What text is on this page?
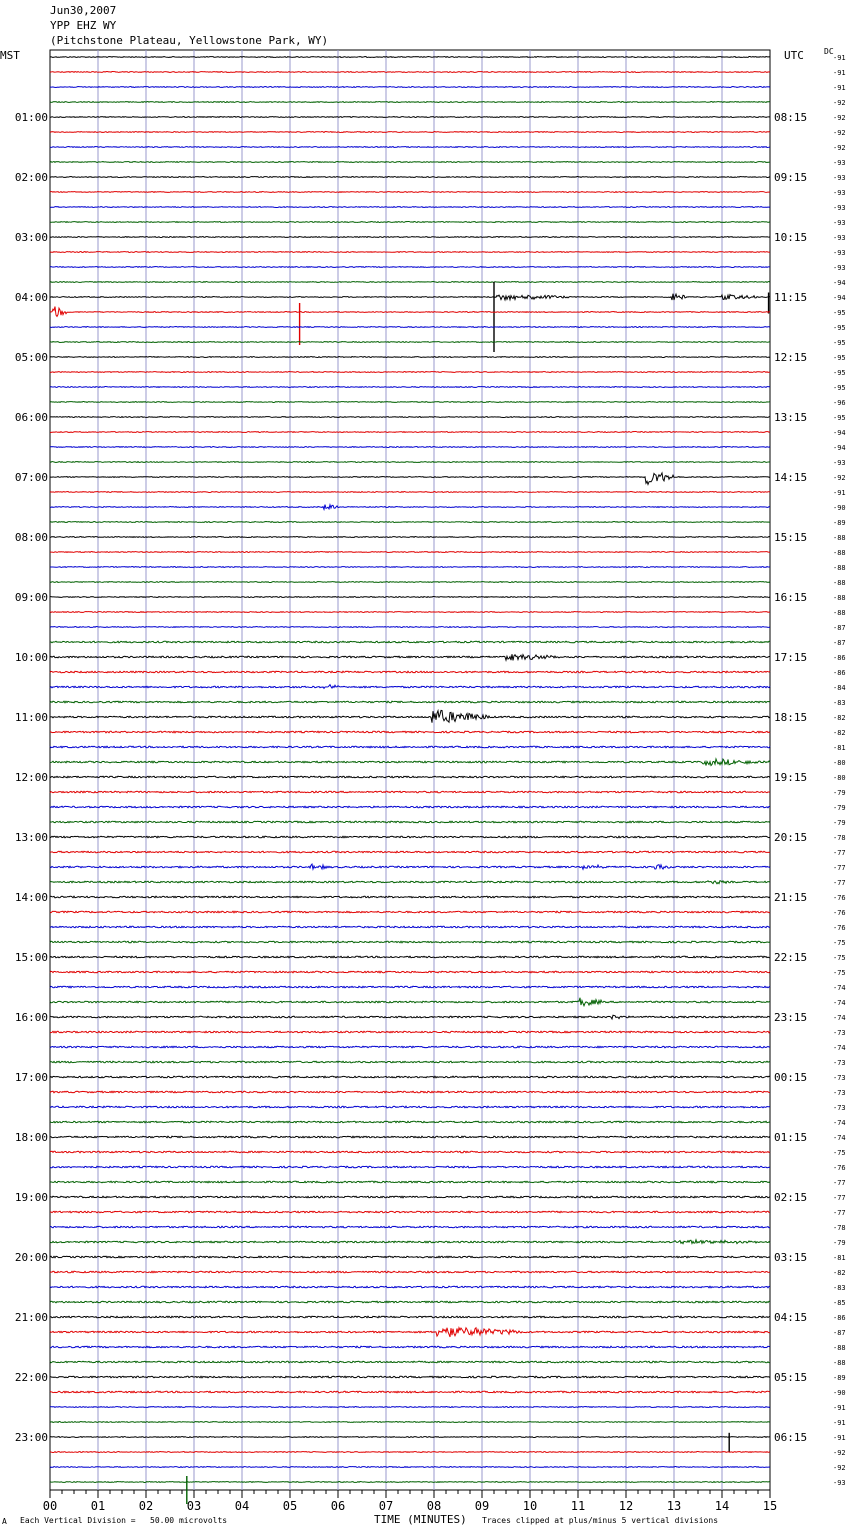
Jun30,2007
YPP EHZ WY
(Pitchstone Plateau, Yellowstone Park, WY)
MST	UTC	DC
-91
-91
-91
-92
-92
-92
-92
-93
-93
-93
-93
-93
-93
-93
-93
-94
-94
-95
-95
-95
-95
-95
-95
-96
-95
-94
-94
-93
-92
-91
-90
-89
-88
-88
-88
-88
-88
-88
-87
-87
-86
-86
-84
-83
-82
-82
-81
-80
-80
-79
-79
-79
-78
-77
-77
-77
-76
-76
-76
-75
-75
-75
-74
-74
-74
-73
-74
-73
-73
-73
-73
-74
-74
-75
-76
-77
-77
-77
-78
-79
-81
-82
-83
-85
-86
-87
-88
-88
-89
-90
-91
-91
-91
-92
-92
-93
01:00
02:00
03:00
04:00
05:00
06:00
07:00
08:00
09:00
10:00
11:00
12:00
13:00
14:00
15:00
16:00
17:00
18:00
19:00
20:00
21:00
22:00
23:00
08:15
09:15
10:15
11:15
12:15
13:15
14:15
15:15
16:15
17:15
18:15
19:15
20:15
21:15
22:15
23:15
00:15
01:15
02:15
03:15
04:15
05:15
06:15
00	01	02	03	04	05	06	07	08	09	10	11	12	13	14	15
A Each Vertical Division =   50.00 microvolts	TIME (MINUTES) Traces clipped at plus/minus 5 vertical divisions
